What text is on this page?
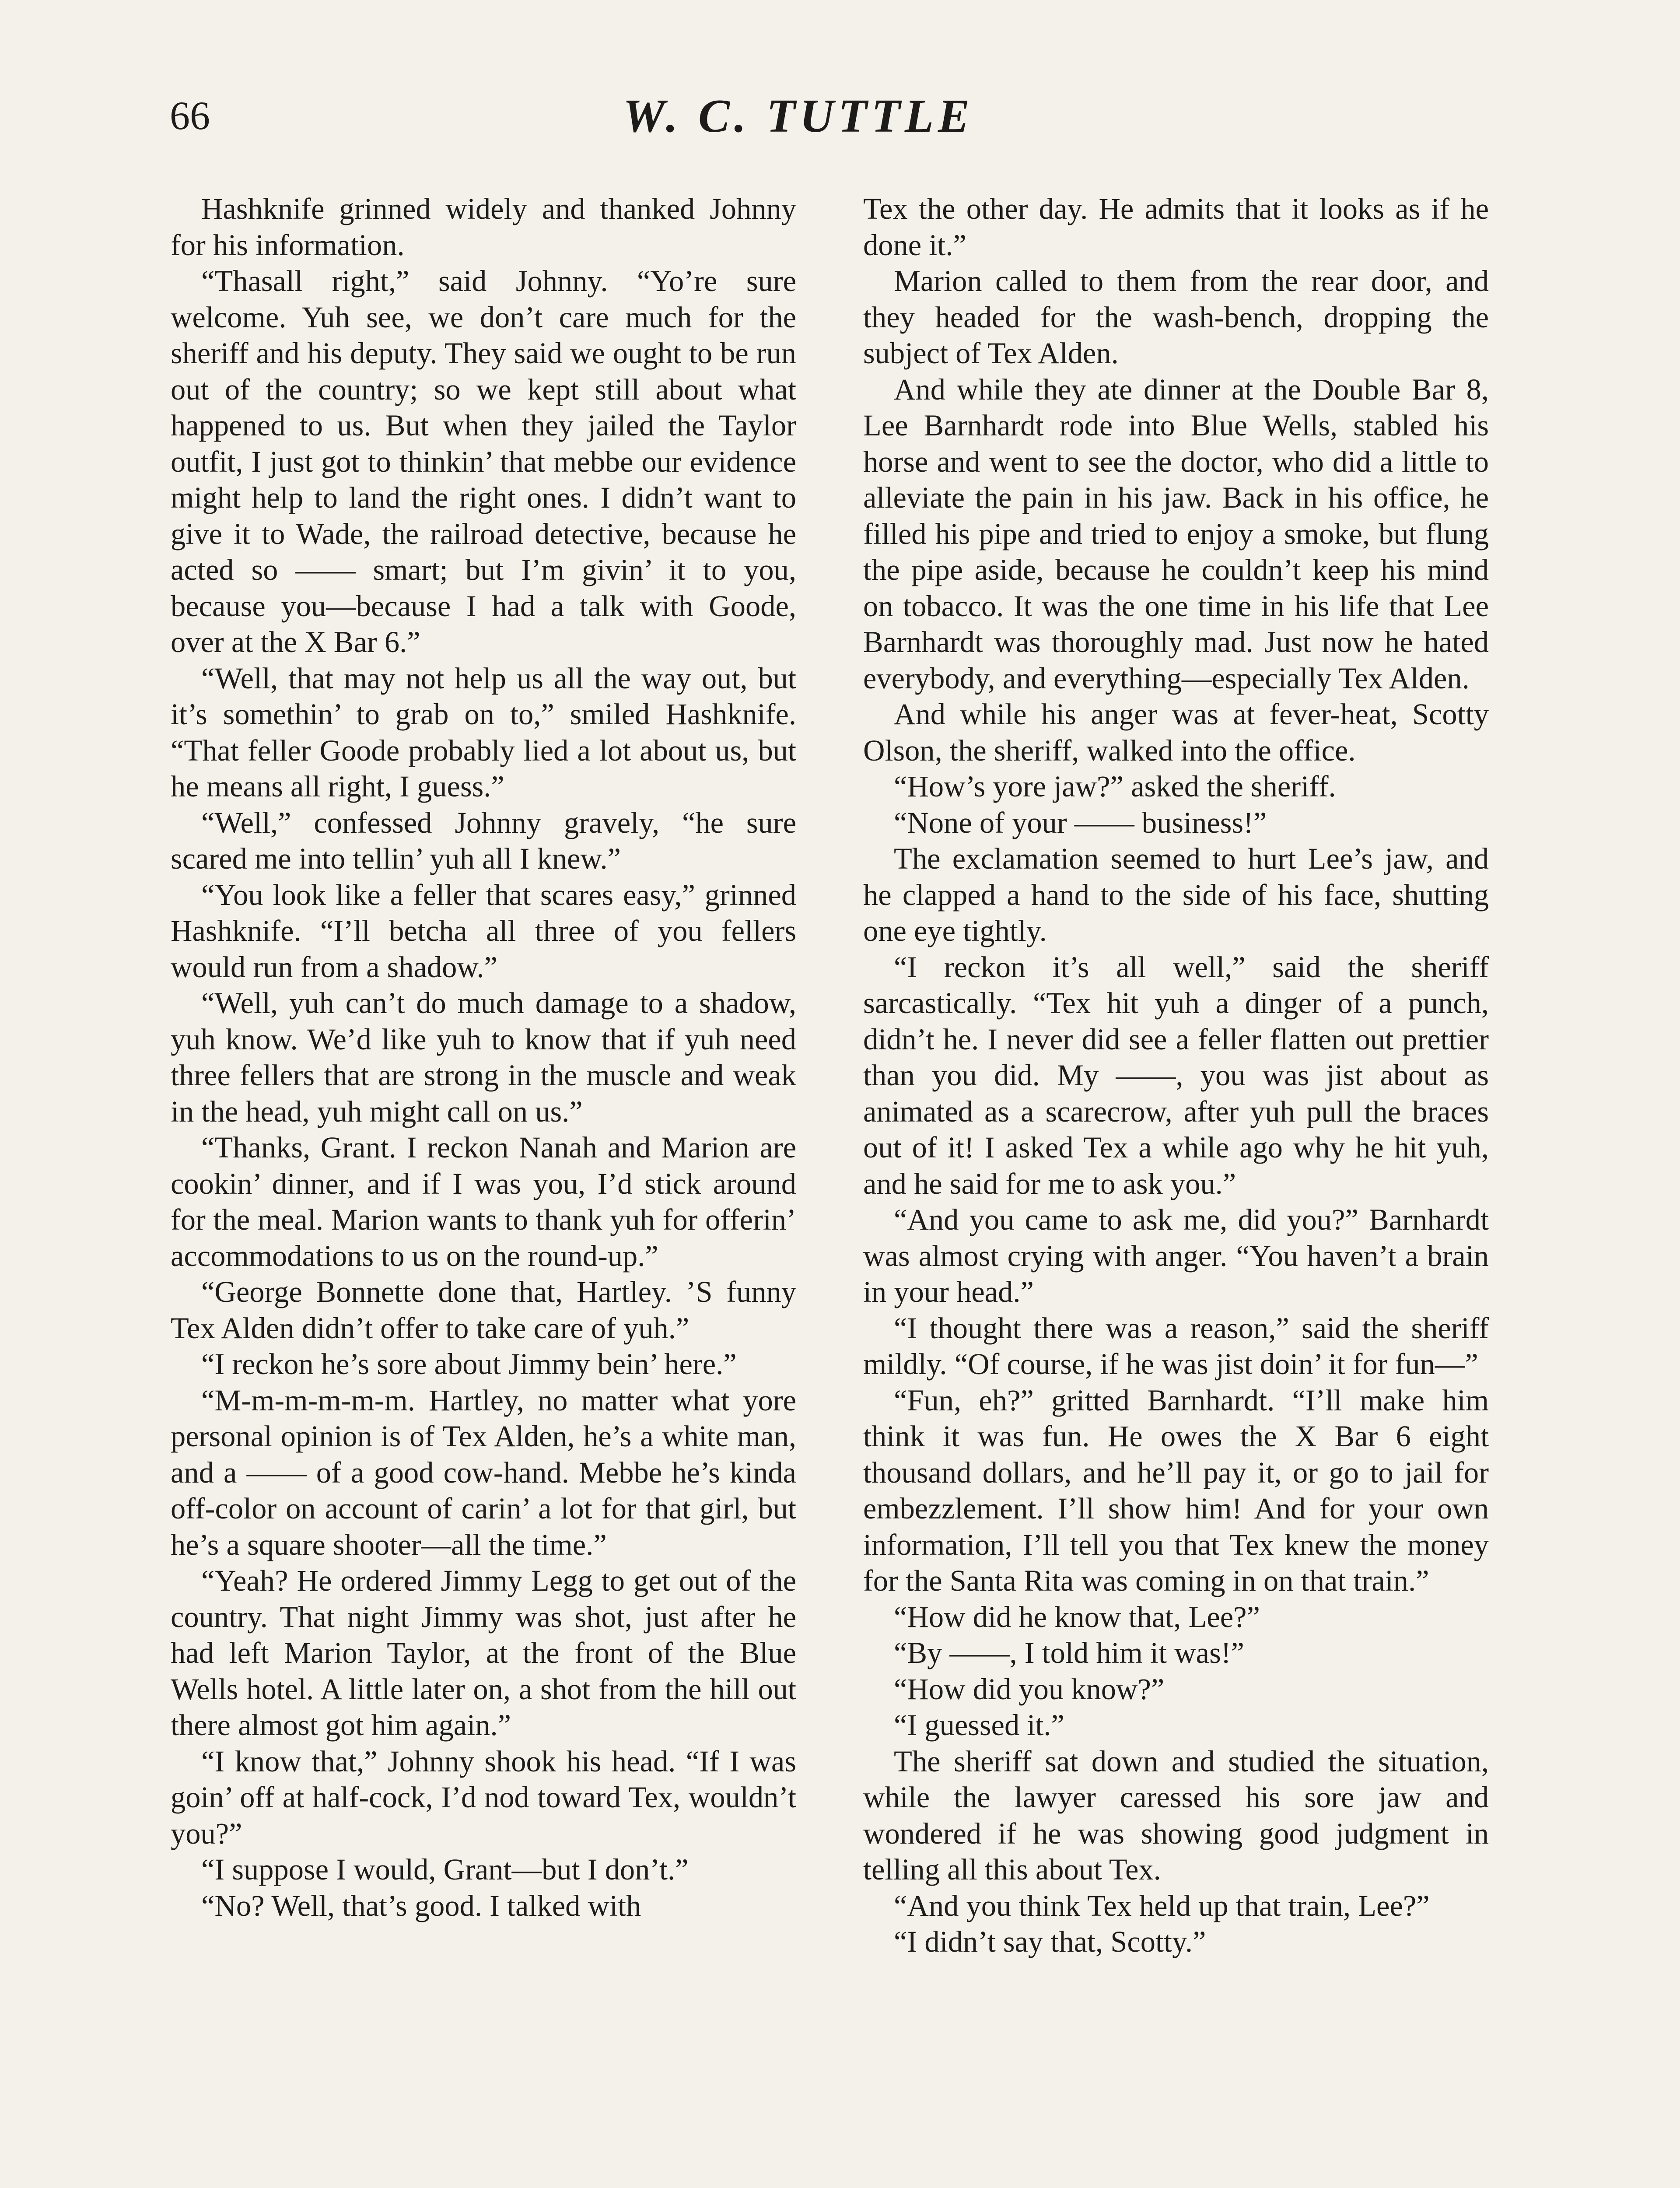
66	W. C. TUTTLE

Hashknife grinned widely and thanked Johnny for his information.

“Thasall right,” said Johnny. “Yo’re sure welcome. Yuh see, we don’t care much for the sheriff and his deputy. They said we ought to be run out of the country; so we kept still about what happened to us. But when they jailed the Taylor outfit, I just got to thinkin’ that mebbe our evidence might help to land the right ones. I didn’t want to give it to Wade, the railroad detective, because he acted so —— smart; but I’m givin’ it to you, because you—because I had a talk with Goode, over at the X Bar 6.”

“Well, that may not help us all the way out, but it’s somethin’ to grab on to,” smiled Hashknife. “That feller Goode probably lied a lot about us, but he means all right, I guess.”

“Well,” confessed Johnny gravely, “he sure scared me into tellin’ yuh all I knew.”

“You look like a feller that scares easy,” grinned Hashknife. “I’ll betcha all three of you fellers would run from a shadow.”

“Well, yuh can’t do much damage to a shadow, yuh know. We’d like yuh to know that if yuh need three fellers that are strong in the muscle and weak in the head, yuh might call on us.”

“Thanks, Grant. I reckon Nanah and Marion are cookin’ dinner, and if I was you, I’d stick around for the meal. Marion wants to thank yuh for offerin’ accommodations to us on the round-up.”

“George Bonnette done that, Hartley. ’S funny Tex Alden didn’t offer to take care of yuh.”

“I reckon he’s sore about Jimmy bein’ here.”

“M-m-m-m-m-m. Hartley, no matter what yore personal opinion is of Tex Alden, he’s a white man, and a —— of a good cow-hand. Mebbe he’s kinda off-color on account of carin’ a lot for that girl, but he’s a square shooter—all the time.”

“Yeah? He ordered Jimmy Legg to get out of the country. That night Jimmy was shot, just after he had left Marion Taylor, at the front of the Blue Wells hotel. A little later on, a shot from the hill out there almost got him again.”

“I know that,” Johnny shook his head. “If I was goin’ off at half-cock, I’d nod toward Tex, wouldn’t you?”

“I suppose I would, Grant—but I don’t.”

“No? Well, that’s good. I talked with

Tex the other day. He admits that it looks as if he done it.”

Marion called to them from the rear door, and they headed for the wash-bench, dropping the subject of Tex Alden.

And while they ate dinner at the Double Bar 8, Lee Barnhardt rode into Blue Wells, stabled his horse and went to see the doctor, who did a little to alleviate the pain in his jaw. Back in his office, he filled his pipe and tried to enjoy a smoke, but flung the pipe aside, because he couldn’t keep his mind on tobacco. It was the one time in his life that Lee Barnhardt was thoroughly mad. Just now he hated everybody, and everything—especially Tex Alden.

And while his anger was at fever-heat, Scotty Olson, the sheriff, walked into the office.

“How’s yore jaw?” asked the sheriff.

“None of your —— business!”

The exclamation seemed to hurt Lee’s jaw, and he clapped a hand to the side of his face, shutting one eye tightly.

“I reckon it’s all well,” said the sheriff sarcastically. “Tex hit yuh a dinger of a punch, didn’t he. I never did see a feller flatten out prettier than you did. My ——, you was jist about as animated as a scarecrow, after yuh pull the braces out of it! I asked Tex a while ago why he hit yuh, and he said for me to ask you.”

“And you came to ask me, did you?” Barnhardt was almost crying with anger. “You haven’t a brain in your head.”

“I thought there was a reason,” said the sheriff mildly. “Of course, if he was jist doin’ it for fun—”

“Fun, eh?” gritted Barnhardt. “I’ll make him think it was fun. He owes the X Bar 6 eight thousand dollars, and he’ll pay it, or go to jail for embezzlement. I’ll show him! And for your own information, I’ll tell you that Tex knew the money for the Santa Rita was coming in on that train.”

“How did he know that, Lee?”

“By ——, I told him it was!”

“How did you know?”

“I guessed it.”

The sheriff sat down and studied the situation, while the lawyer caressed his sore jaw and wondered if he was showing good judgment in telling all this about Tex.

“And you think Tex held up that train, Lee?”

“I didn’t say that, Scotty.”
